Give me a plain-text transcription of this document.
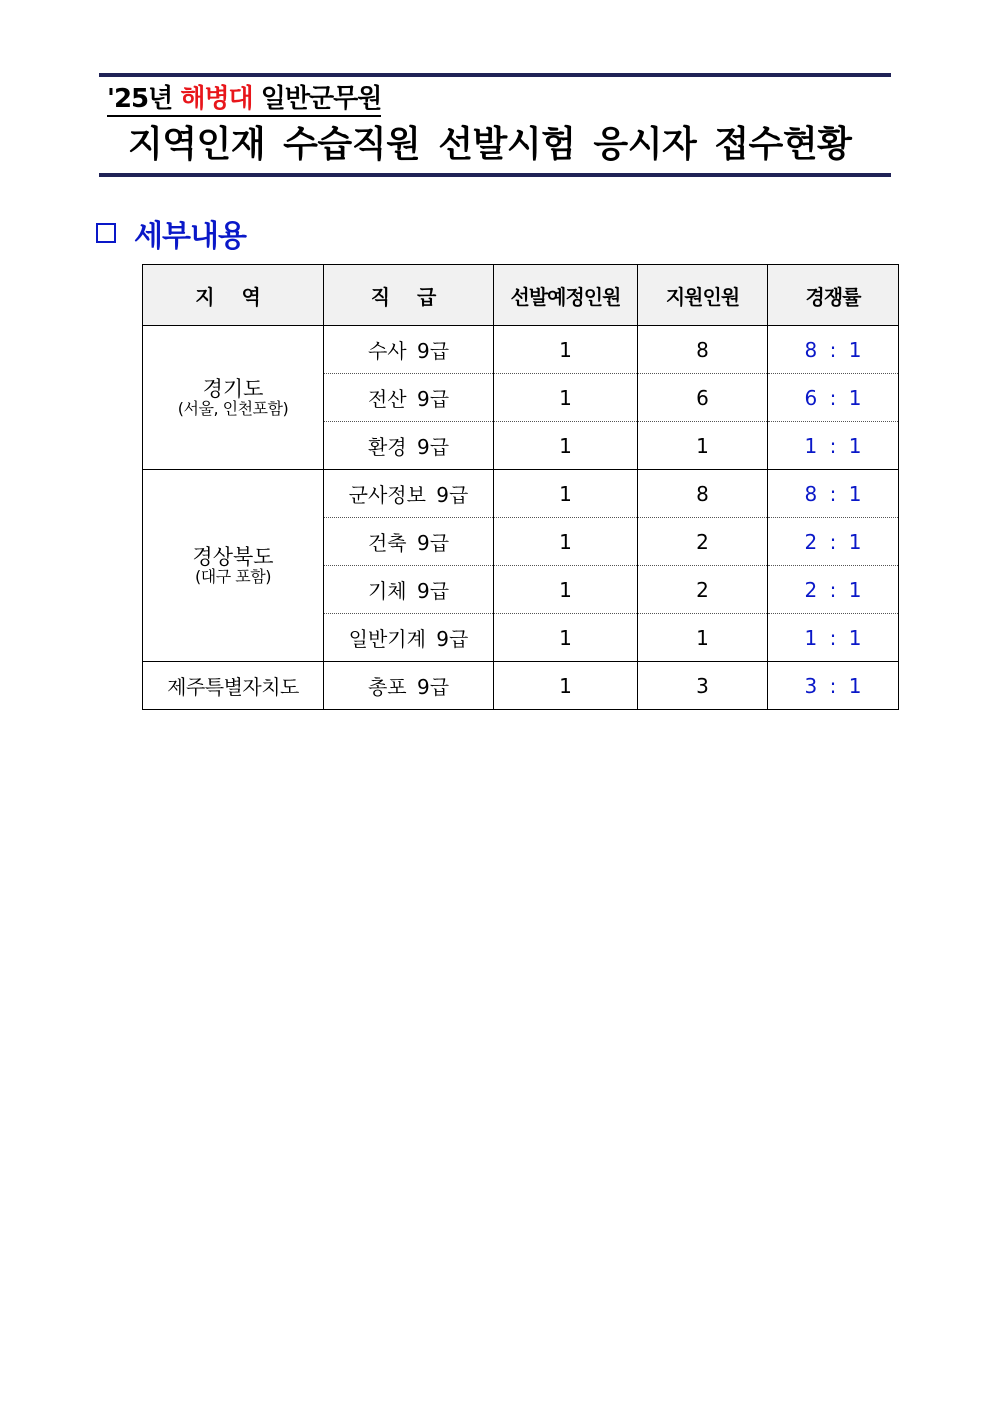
'25년 해병대 일반군무원
지역인재 수습직원 선발시험 응시자 접수현황
세부내용
지 역	직 급	선발예정인원	지원인원	경쟁률

경기도
(서울, 인천포함)	수사 9급	1	8	8 : 1
	전산 9급	1	6	6 : 1
	환경 9급	1	1	1 : 1

경상북도
(대구 포함)	군사정보 9급	1	8	8 : 1
	건축 9급	1	2	2 : 1
	기체 9급	1	2	2 : 1
	일반기계 9급	1	1	1 : 1
제주특별자치도	총포 9급	1	3	3 : 1
